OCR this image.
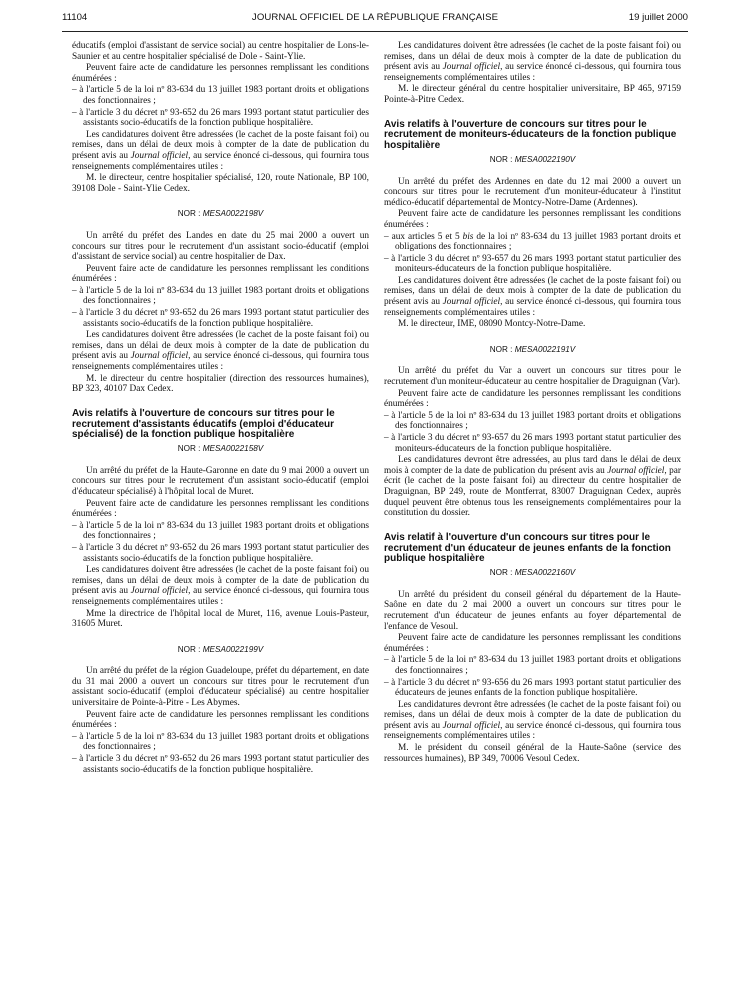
11104	JOURNAL OFFICIEL DE LA RÉPUBLIQUE FRANÇAISE	19 juillet 2000

éducatifs (emploi d'assistant de service social) au centre hospitalier de Lons-le-Saunier et au centre hospitalier spécialisé de Dole - Saint-Ylie.

Peuvent faire acte de candidature les personnes remplissant les conditions énumérées :

– à l'article 5 de la loi nº 83-634 du 13 juillet 1983 portant droits et obligations des fonctionnaires ;

– à l'article 3 du décret nº 93-652 du 26 mars 1993 portant statut particulier des assistants socio-éducatifs de la fonction publique hospitalière.

Les candidatures doivent être adressées (le cachet de la poste faisant foi) ou remises, dans un délai de deux mois à compter de la date de publication du présent avis au Journal officiel, au service énoncé ci-dessous, qui fournira tous renseignements complémentaires utiles :

M. le directeur, centre hospitalier spécialisé, 120, route Nationale, BP 100, 39108 Dole - Saint-Ylie Cedex.

NOR : MESA0022198V

Un arrêté du préfet des Landes en date du 25 mai 2000 a ouvert un concours sur titres pour le recrutement d'un assistant socio-éducatif (emploi d'assistant de service social) au centre hospitalier de Dax.

Peuvent faire acte de candidature les personnes remplissant les conditions énumérées :

– à l'article 5 de la loi nº 83-634 du 13 juillet 1983 portant droits et obligations des fonctionnaires ;

– à l'article 3 du décret nº 93-652 du 26 mars 1993 portant statut particulier des assistants socio-éducatifs de la fonction publique hospitalière.

Les candidatures doivent être adressées (le cachet de la poste faisant foi) ou remises, dans un délai de deux mois à compter de la date de publication du présent avis au Journal officiel, au service énoncé ci-dessous, qui fournira tous renseignements complémentaires utiles :

M. le directeur du centre hospitalier (direction des ressources humaines), BP 323, 40107 Dax Cedex.

Avis relatifs à l'ouverture de concours sur titres pour le recrutement d'assistants éducatifs (emploi d'éducateur spécialisé) de la fonction publique hospitalière
NOR : MESA0022158V

Un arrêté du préfet de la Haute-Garonne en date du 9 mai 2000 a ouvert un concours sur titres pour le recrutement d'un assistant socio-éducatif (emploi d'éducateur spécialisé) à l'hôpital local de Muret.

Peuvent faire acte de candidature les personnes remplissant les conditions énumérées :

– à l'article 5 de la loi nº 83-634 du 13 juillet 1983 portant droits et obligations des fonctionnaires ;

– à l'article 3 du décret nº 93-652 du 26 mars 1993 portant statut particulier des assistants socio-éducatifs de la fonction publique hospitalière.

Les candidatures doivent être adressées (le cachet de la poste faisant foi) ou remises, dans un délai de deux mois à compter de la date de publication du présent avis au Journal officiel, au service énoncé ci-dessous, qui fournira tous renseignements complémentaires utiles :

Mme la directrice de l'hôpital local de Muret, 116, avenue Louis-Pasteur, 31605 Muret.

NOR : MESA0022199V

Un arrêté du préfet de la région Guadeloupe, préfet du département, en date du 31 mai 2000 a ouvert un concours sur titres pour le recrutement d'un assistant socio-éducatif (emploi d'éducateur spécialisé) au centre hospitalier universitaire de Pointe-à-Pitre - Les Abymes.

Peuvent faire acte de candidature les personnes remplissant les conditions énumérées :

– à l'article 5 de la loi nº 83-634 du 13 juillet 1983 portant droits et obligations des fonctionnaires ;

– à l'article 3 du décret nº 93-652 du 26 mars 1993 portant statut particulier des assistants socio-éducatifs de la fonction publique hospitalière.

Les candidatures doivent être adressées (le cachet de la poste faisant foi) ou remises, dans un délai de deux mois à compter de la date de publication du présent avis au Journal officiel, au service énoncé ci-dessous, qui fournira tous renseignements complémentaires utiles :

M. le directeur général du centre hospitalier universitaire, BP 465, 97159 Pointe-à-Pitre Cedex.

Avis relatifs à l'ouverture de concours sur titres pour le recrutement de moniteurs-éducateurs de la fonction publique hospitalière
NOR : MESA0022190V

Un arrêté du préfet des Ardennes en date du 12 mai 2000 a ouvert un concours sur titres pour le recrutement d'un moniteur-éducateur à l'institut médico-éducatif départemental de Montcy-Notre-Dame (Ardennes).

Peuvent faire acte de candidature les personnes remplissant les conditions énumérées :

– aux articles 5 et 5 bis de la loi nº 83-634 du 13 juillet 1983 portant droits et obligations des fonctionnaires ;

– à l'article 3 du décret nº 93-657 du 26 mars 1993 portant statut particulier des moniteurs-éducateurs de la fonction publique hospitalière.

Les candidatures doivent être adressées (le cachet de la poste faisant foi) ou remises, dans un délai de deux mois à compter de la date de publication du présent avis au Journal officiel, au service énoncé ci-dessous, qui fournira tous renseignements complémentaires utiles :

M. le directeur, IME, 08090 Montcy-Notre-Dame.

NOR : MESA0022191V

Un arrêté du préfet du Var a ouvert un concours sur titres pour le recrutement d'un moniteur-éducateur au centre hospitalier de Draguignan (Var).

Peuvent faire acte de candidature les personnes remplissant les conditions énumérées :

– à l'article 5 de la loi nº 83-634 du 13 juillet 1983 portant droits et obligations des fonctionnaires ;

– à l'article 3 du décret nº 93-657 du 26 mars 1993 portant statut particulier des moniteurs-éducateurs de la fonction publique hospitalière.

Les candidatures devront être adressées, au plus tard dans le délai de deux mois à compter de la date de publication du présent avis au Journal officiel, par écrit (le cachet de la poste faisant foi) au directeur du centre hospitalier de Draguignan, BP 249, route de Montferrat, 83007 Draguignan Cedex, auprès duquel peuvent être obtenus tous les renseignements complémentaires pour la constitution du dossier.

Avis relatif à l'ouverture d'un concours sur titres pour le recrutement d'un éducateur de jeunes enfants de la fonction publique hospitalière
NOR : MESA0022160V

Un arrêté du président du conseil général du département de la Haute-Saône en date du 2 mai 2000 a ouvert un concours sur titres pour le recrutement d'un éducateur de jeunes enfants au foyer départemental de l'enfance de Vesoul.

Peuvent faire acte de candidature les personnes remplissant les conditions énumérées :

– à l'article 5 de la loi nº 83-634 du 13 juillet 1983 portant droits et obligations des fonctionnaires ;

– à l'article 3 du décret nº 93-656 du 26 mars 1993 portant statut particulier des éducateurs de jeunes enfants de la fonction publique hospitalière.

Les candidatures devront être adressées (le cachet de la poste faisant foi) ou remises, dans un délai de deux mois à compter de la date de publication du présent avis au Journal officiel, au service énoncé ci-dessous, qui fournira tous renseignements complémentaires utiles :

M. le président du conseil général de la Haute-Saône (service des ressources humaines), BP 349, 70006 Vesoul Cedex.
